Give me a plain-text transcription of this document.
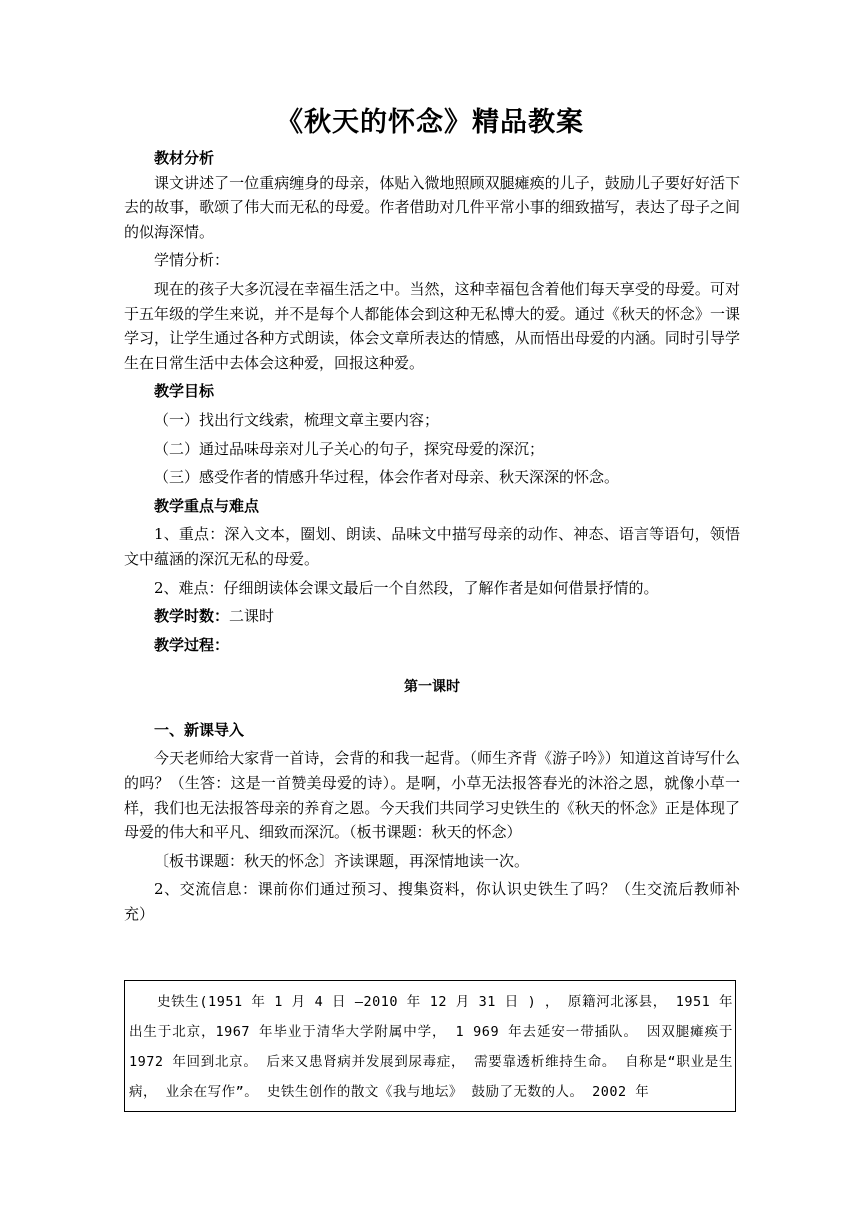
《秋天的怀念》精品教案

教材分析

课文讲述了一位重病缠身的母亲，体贴入微地照顾双腿瘫痪的儿子，鼓励儿子要好好活下去的故事，歌颂了伟大而无私的母爱。作者借助对几件平常小事的细致描写，表达了母子之间的似海深情。

学情分析：

现在的孩子大多沉浸在幸福生活之中。当然，这种幸福包含着他们每天享受的母爱。可对于五年级的学生来说，并不是每个人都能体会到这种无私博大的爱。通过《秋天的怀念》一课学习，让学生通过各种方式朗读，体会文章所表达的情感，从而悟出母爱的内涵。同时引导学生在日常生活中去体会这种爱，回报这种爱。

教学目标

（一）找出行文线索，梳理文章主要内容；

（二）通过品味母亲对儿子关心的句子，探究母爱的深沉；

（三）感受作者的情感升华过程，体会作者对母亲、秋天深深的怀念。

教学重点与难点

1、重点：深入文本，圈划、朗读、品味文中描写母亲的动作、神态、语言等语句，领悟文中蕴涵的深沉无私的母爱。

2、难点：仔细朗读体会课文最后一个自然段，了解作者是如何借景抒情的。

教学时数：二课时

教学过程：

第一课时

一、新课导入

今天老师给大家背一首诗，会背的和我一起背。（师生齐背《游子吟》）知道这首诗写什么的吗？（生答：这是一首赞美母爱的诗）。是啊，小草无法报答春光的沐浴之恩，就像小草一样，我们也无法报答母亲的养育之恩。今天我们共同学习史铁生的《秋天的怀念》正是体现了母爱的伟大和平凡、细致而深沉。（板书课题：秋天的怀念）

〔板书课题：秋天的怀念〕齐读课题，再深情地读一次。

2、交流信息：课前你们通过预习、搜集资料，你认识史铁生了吗？（生交流后教师补充）

史铁生(1951 年 1 月 4 日 —2010 年 12 月 31 日 ) ， 原籍河北涿县， 1951 年出生于北京，1967 年毕业于清华大学附属中学， 1 969 年去延安一带插队。 因双腿瘫痪于 1972 年回到北京。 后来又患肾病并发展到尿毒症， 需要靠透析维持生命。 自称是“职业是生病， 业余在写作”。 史铁生创作的散文《我与地坛》 鼓励了无数的人。 2002 年
